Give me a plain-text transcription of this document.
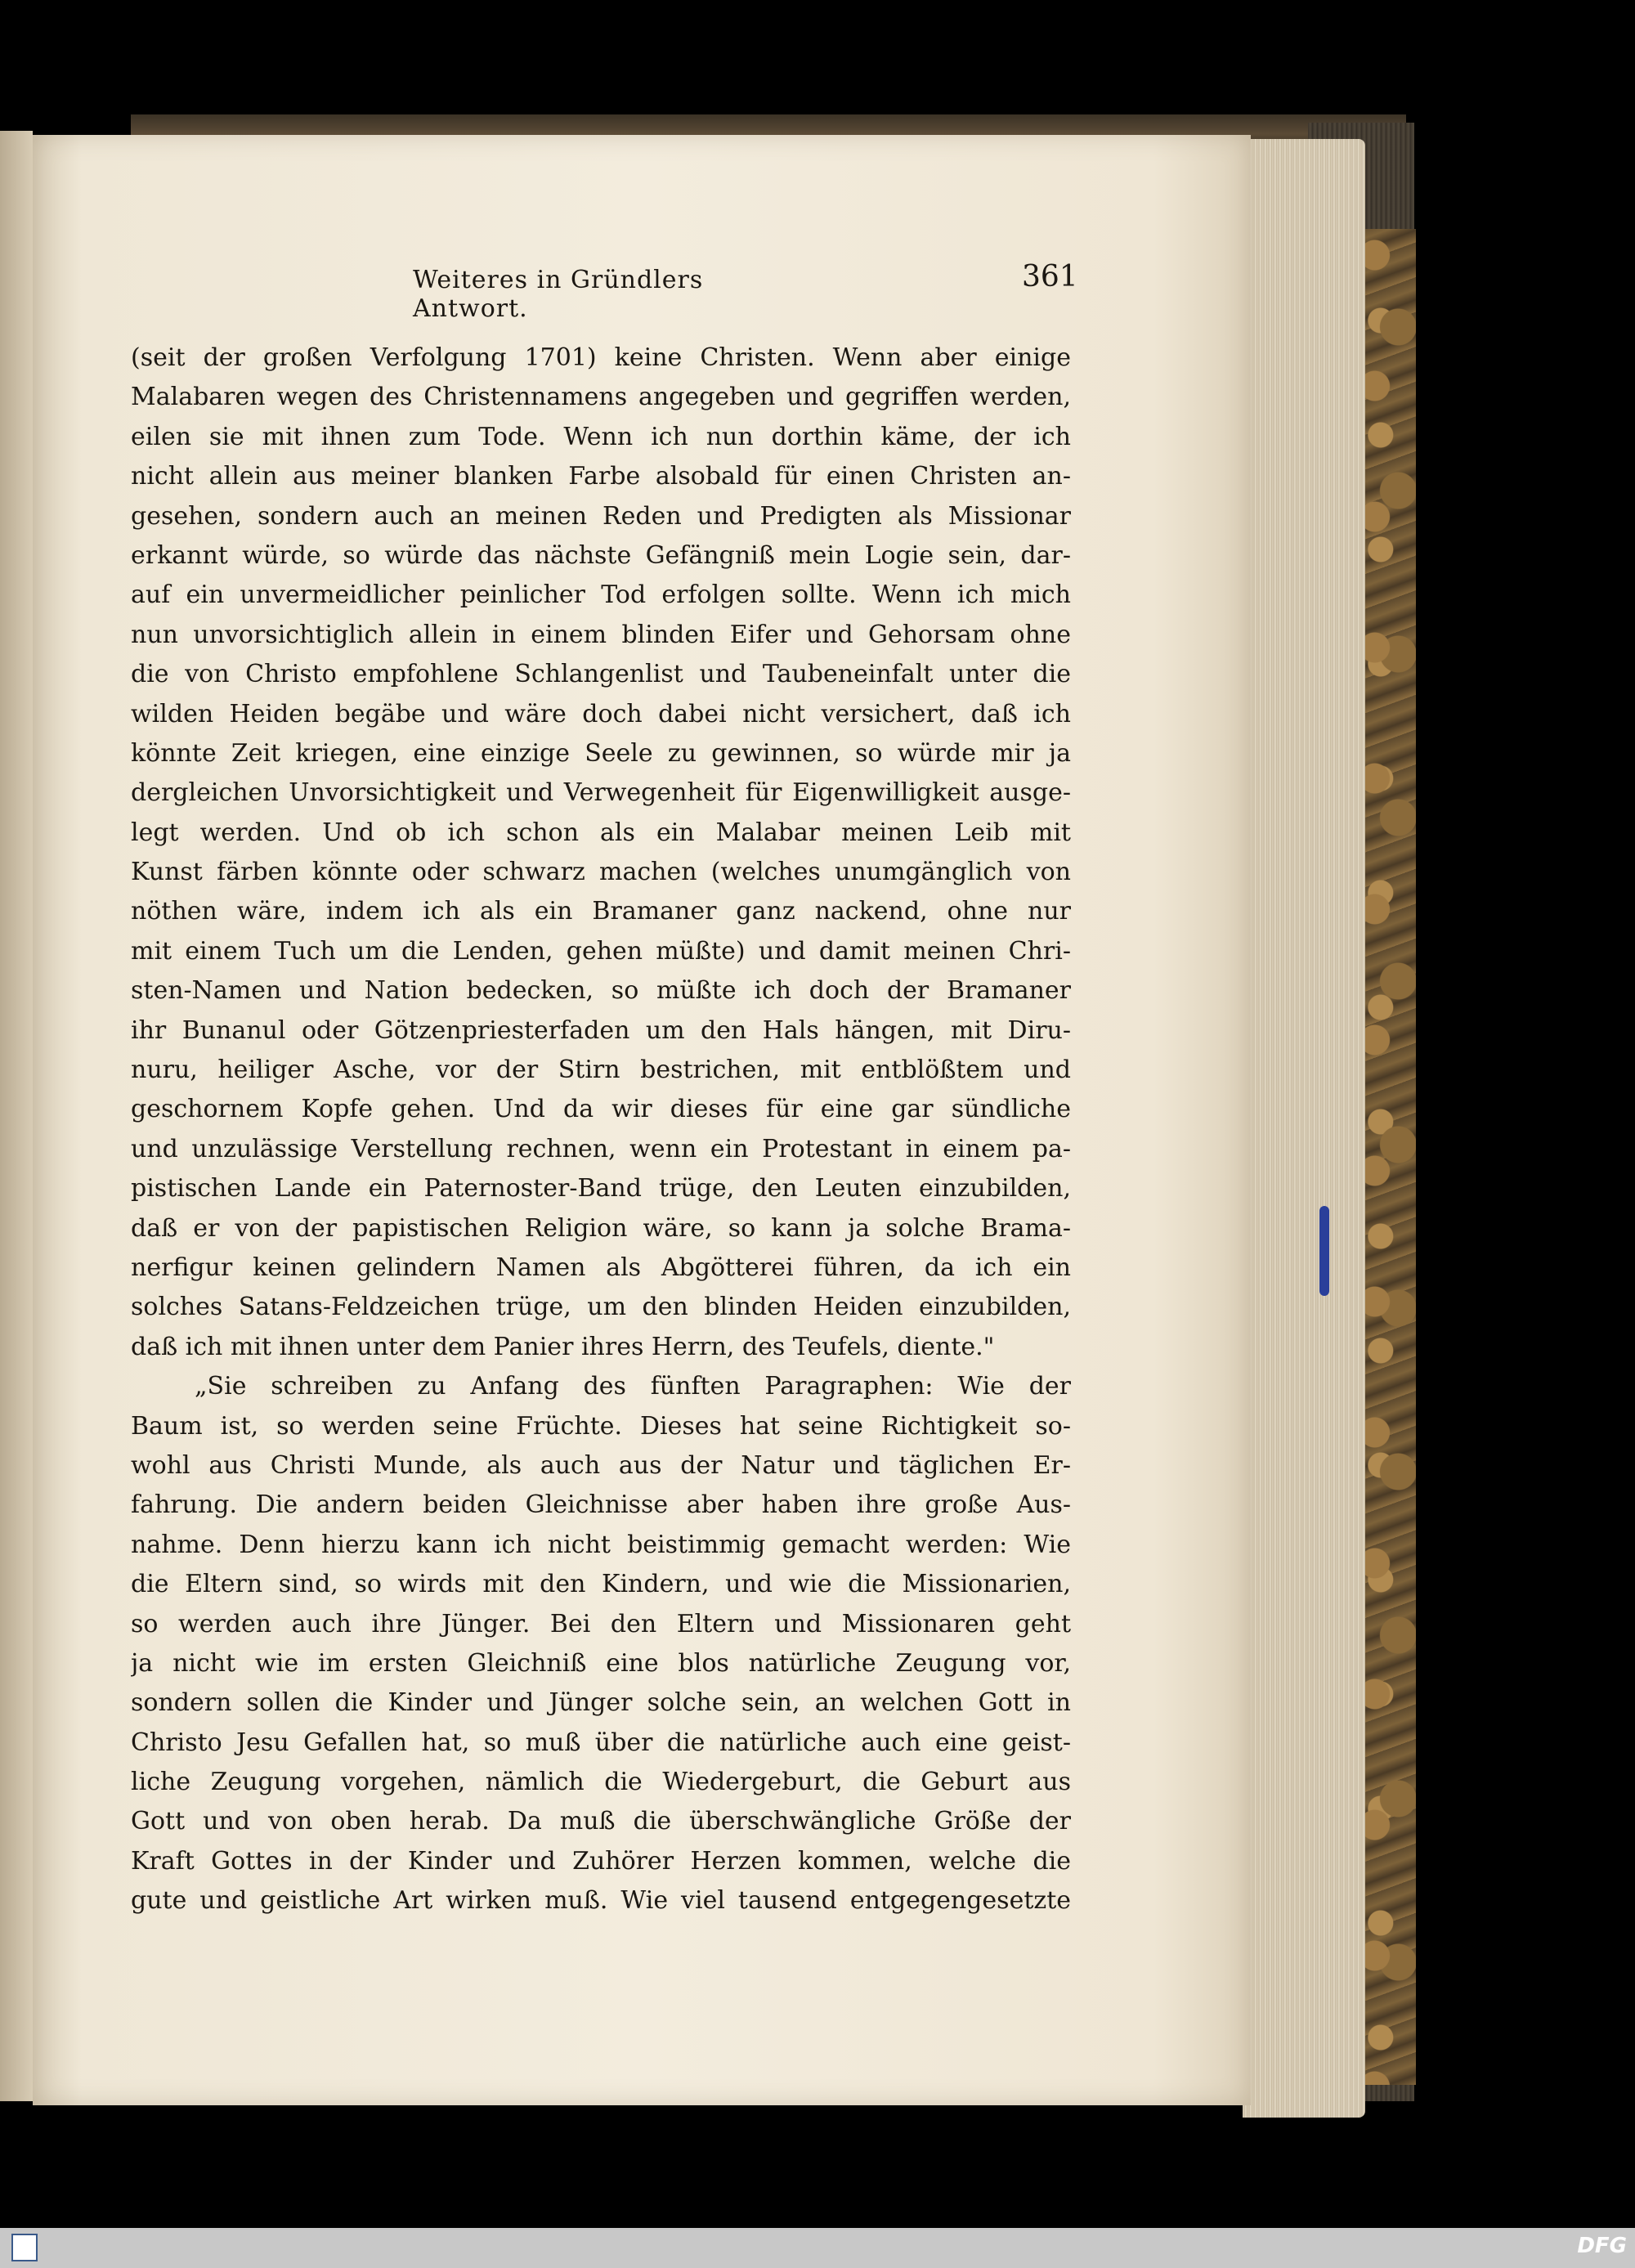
Weiteres in Gründlers Antwort.
361
(seit der großen Verfolgung 1701) keine Christen. Wenn aber einige
Malabaren wegen des Christennamens angegeben und gegriffen werden,
eilen sie mit ihnen zum Tode. Wenn ich nun dorthin käme, der ich
nicht allein aus meiner blanken Farbe alsobald für einen Christen an-
gesehen, sondern auch an meinen Reden und Predigten als Missionar
erkannt würde, so würde das nächste Gefängniß mein Logie sein, dar-
auf ein unvermeidlicher peinlicher Tod erfolgen sollte. Wenn ich mich
nun unvorsichtiglich allein in einem blinden Eifer und Gehorsam ohne
die von Christo empfohlene Schlangenlist und Taubeneinfalt unter die
wilden Heiden begäbe und wäre doch dabei nicht versichert, daß ich
könnte Zeit kriegen, eine einzige Seele zu gewinnen, so würde mir ja
dergleichen Unvorsichtigkeit und Verwegenheit für Eigenwilligkeit ausge-
legt werden. Und ob ich schon als ein Malabar meinen Leib mit
Kunst färben könnte oder schwarz machen (welches unumgänglich von
nöthen wäre, indem ich als ein Bramaner ganz nackend, ohne nur
mit einem Tuch um die Lenden, gehen müßte) und damit meinen Chri-
sten-Namen und Nation bedecken, so müßte ich doch der Bramaner
ihr Bunanul oder Götzenpriesterfaden um den Hals hängen, mit Diru-
nuru, heiliger Asche, vor der Stirn bestrichen, mit entblößtem und
geschornem Kopfe gehen. Und da wir dieses für eine gar sündliche
und unzulässige Verstellung rechnen, wenn ein Protestant in einem pa-
pistischen Lande ein Paternoster-Band trüge, den Leuten einzubilden,
daß er von der papistischen Religion wäre, so kann ja solche Brama-
nerfigur keinen gelindern Namen als Abgötterei führen, da ich ein
solches Satans-Feldzeichen trüge, um den blinden Heiden einzubilden,
daß ich mit ihnen unter dem Panier ihres Herrn, des Teufels, diente."
„Sie schreiben zu Anfang des fünften Paragraphen: Wie der
Baum ist, so werden seine Früchte. Dieses hat seine Richtigkeit so-
wohl aus Christi Munde, als auch aus der Natur und täglichen Er-
fahrung. Die andern beiden Gleichnisse aber haben ihre große Aus-
nahme. Denn hierzu kann ich nicht beistimmig gemacht werden: Wie
die Eltern sind, so wirds mit den Kindern, und wie die Missionarien,
so werden auch ihre Jünger. Bei den Eltern und Missionaren geht
ja nicht wie im ersten Gleichniß eine blos natürliche Zeugung vor,
sondern sollen die Kinder und Jünger solche sein, an welchen Gott in
Christo Jesu Gefallen hat, so muß über die natürliche auch eine geist-
liche Zeugung vorgehen, nämlich die Wiedergeburt, die Geburt aus
Gott und von oben herab. Da muß die überschwängliche Größe der
Kraft Gottes in der Kinder und Zuhörer Herzen kommen, welche die
gute und geistliche Art wirken muß. Wie viel tausend entgegengesetzte
DFG
